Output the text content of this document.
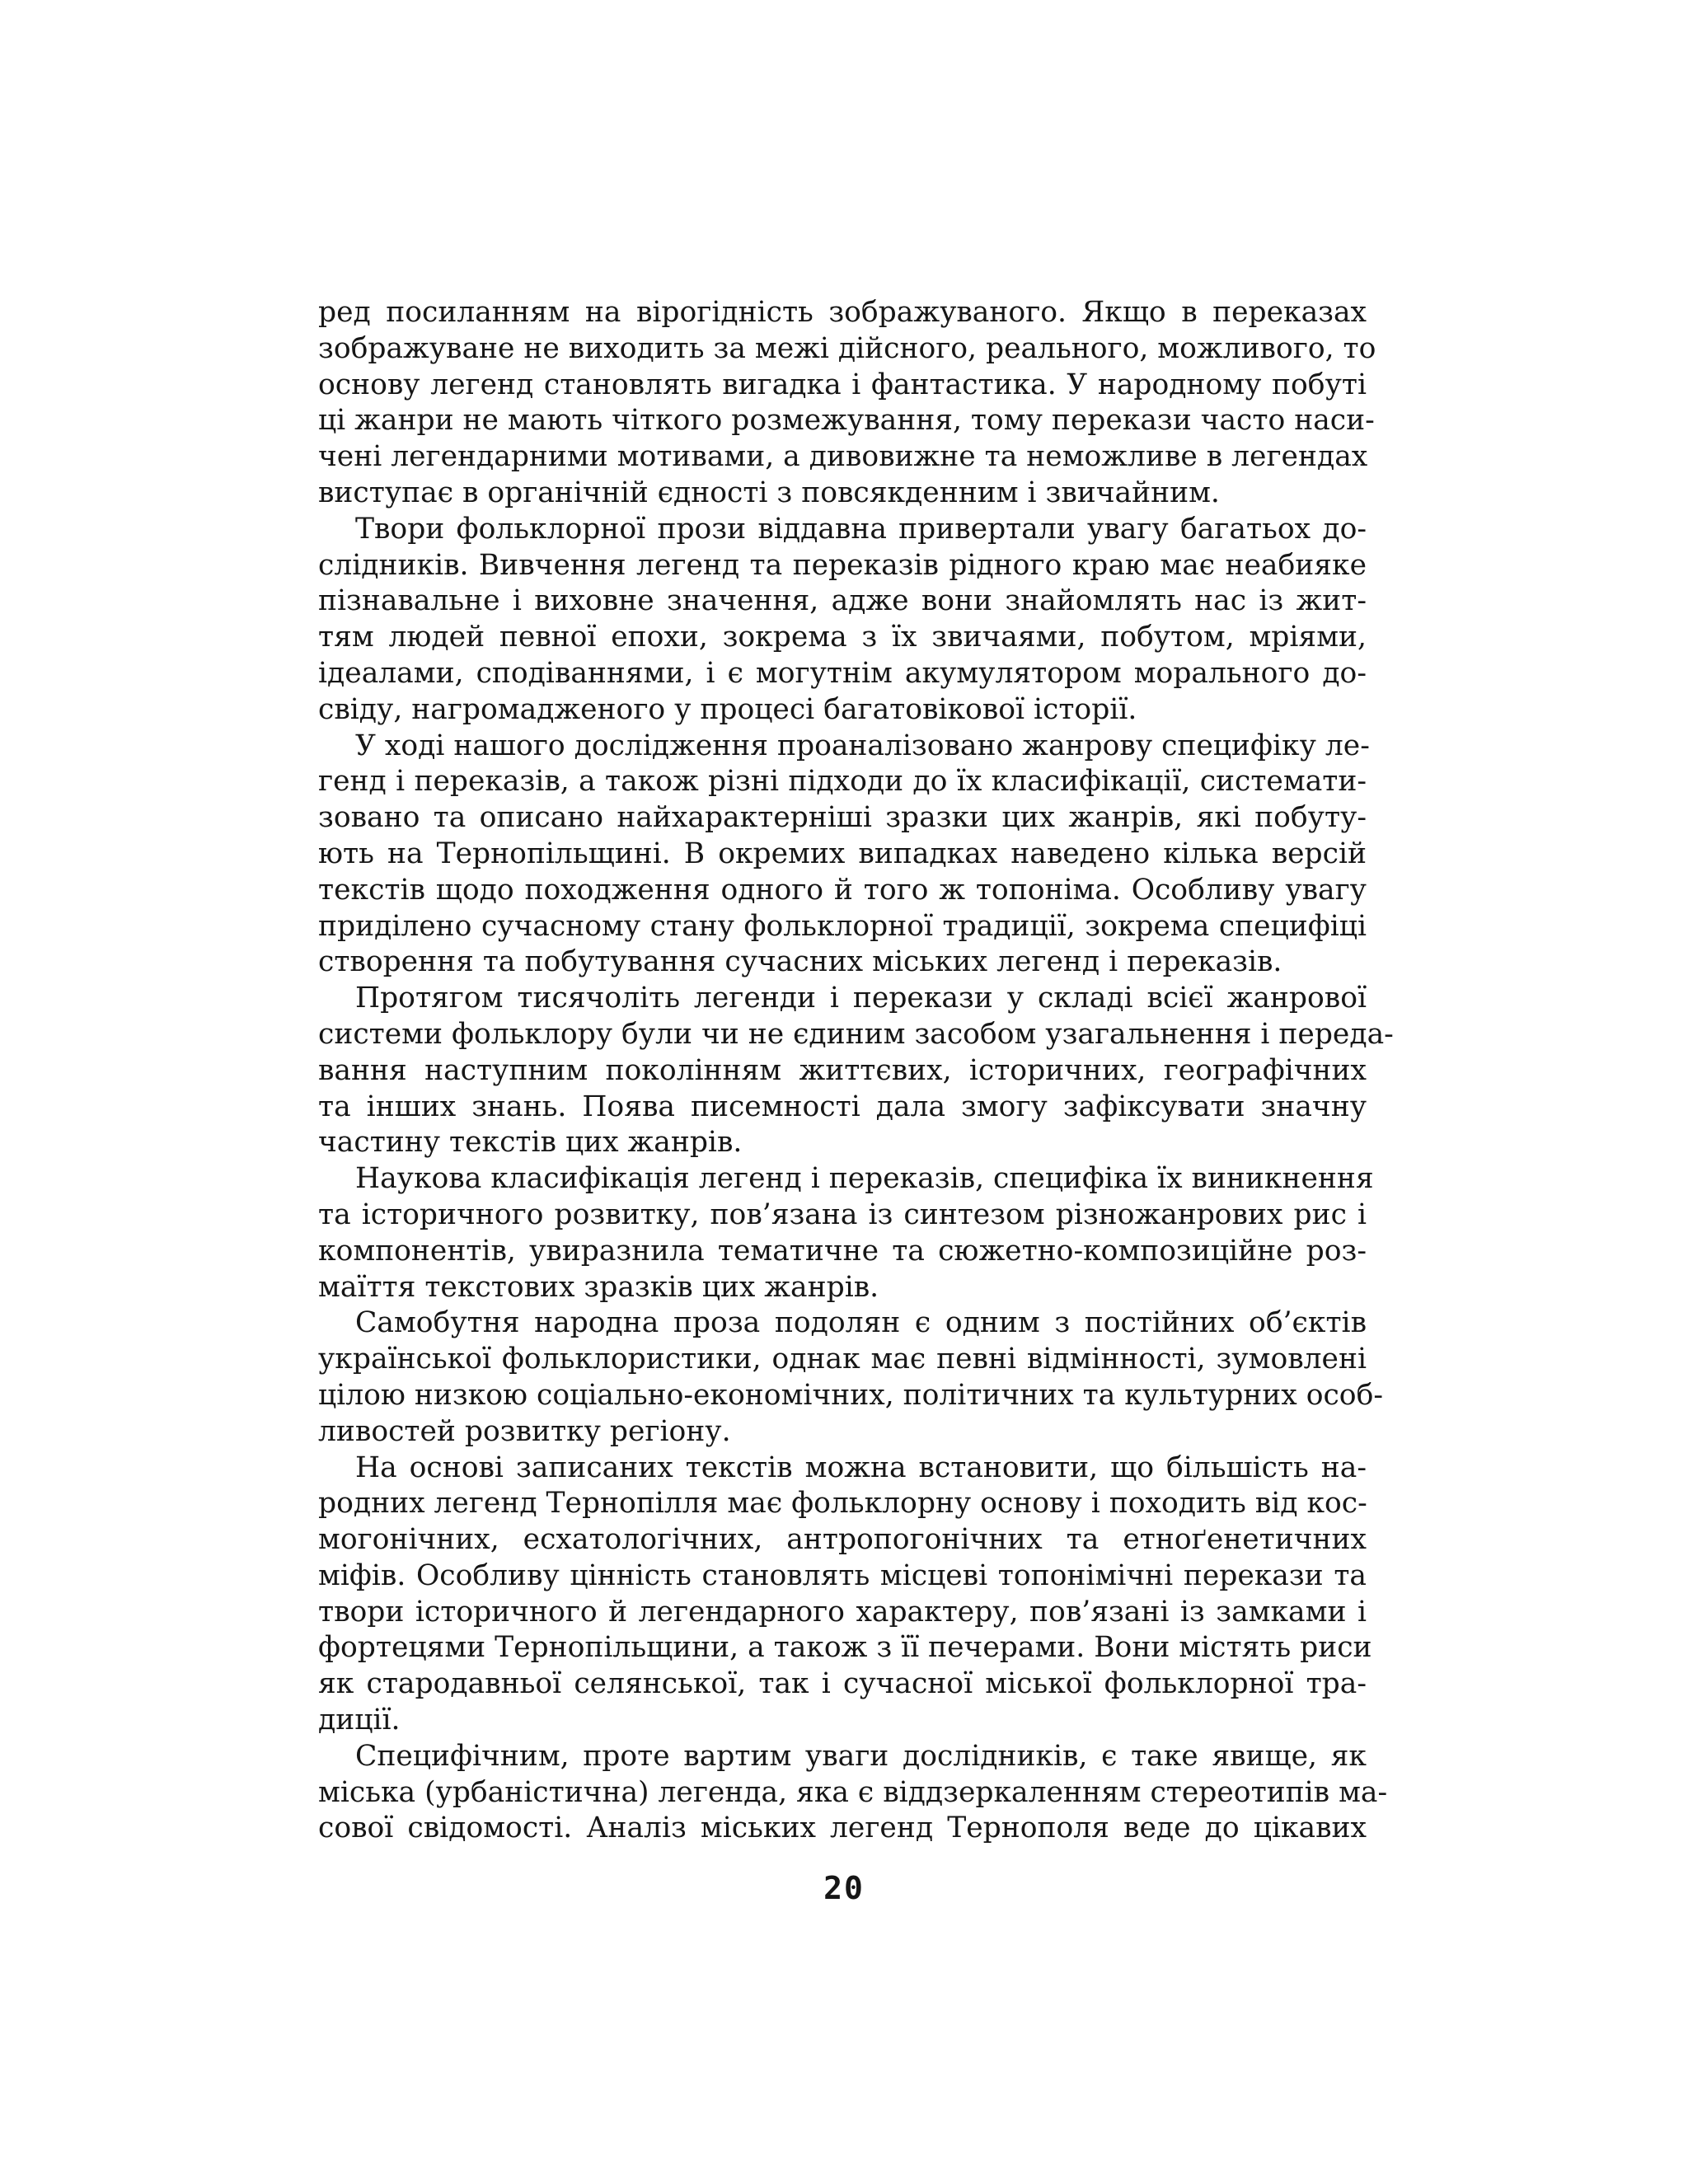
ред посиланням на вірогідність зображуваного. Якщо в переказах
зображуване не виходить за межі дійсного, реального, можливого, то
основу легенд становлять вигадка і фантастика. У народному побуті
ці жанри не мають чіткого розмежування, тому перекази часто наси-
чені легендарними мотивами, а дивовижне та неможливе в легендах
виступає в органічній єдності з повсякденним і звичайним.
Твори фольклорної прози віддавна привертали увагу багатьох до-
слідників. Вивчення легенд та переказів рідного краю має неабияке
пізнавальне і виховне значення, адже вони знайомлять нас із жит-
тям людей певної епохи, зокрема з їх звичаями, побутом, мріями,
ідеалами, сподіваннями, і є могутнім акумулятором морального до-
свіду, нагромадженого у процесі багатовікової історії.
У ході нашого дослідження проаналізовано жанрову специфіку ле-
генд і переказів, а також різні підходи до їх класифікації, системати-
зовано та описано найхарактерніші зразки цих жанрів, які побуту-
ють на Тернопільщині. В окремих випадках наведено кілька версій
текстів щодо походження одного й того ж топоніма. Особливу увагу
приділено сучасному стану фольклорної традиції, зокрема специфіці
створення та побутування сучасних міських легенд і переказів.
Протягом тисячоліть легенди і перекази у складі всієї жанрової
системи фольклору були чи не єдиним засобом узагальнення і переда-
вання наступним поколінням життєвих, історичних, географічних
та інших знань. Поява писемності дала змогу зафіксувати значну
частину текстів цих жанрів.
Наукова класифікація легенд і переказів, специфіка їх виникнення
та історичного розвитку, пов’язана із синтезом різножанрових рис і
компонентів, увиразнила тематичне та сюжетно-композиційне роз-
маїття текстових зразків цих жанрів.
Самобутня народна проза подолян є одним з постійних об’єктів
української фольклористики, однак має певні відмінності, зумовлені
цілою низкою соціально-економічних, політичних та культурних особ-
ливостей розвитку регіону.
На основі записаних текстів можна встановити, що більшість на-
родних легенд Тернопілля має фольклорну основу і походить від кос-
могонічних, есхатологічних, антропогонічних та етноґенетичних
міфів. Особливу цінність становлять місцеві топонімічні перекази та
твори історичного й легендарного характеру, пов’язані із замками і
фортецями Тернопільщини, а також з її печерами. Вони містять риси
як стародавньої селянської, так і сучасної міської фольклорної тра-
диції.
Специфічним, проте вартим уваги дослідників, є таке явище, як
міська (урбаністична) легенда, яка є віддзеркаленням стереотипів ма-
сової свідомості. Аналіз міських легенд Тернополя веде до цікавих
20
